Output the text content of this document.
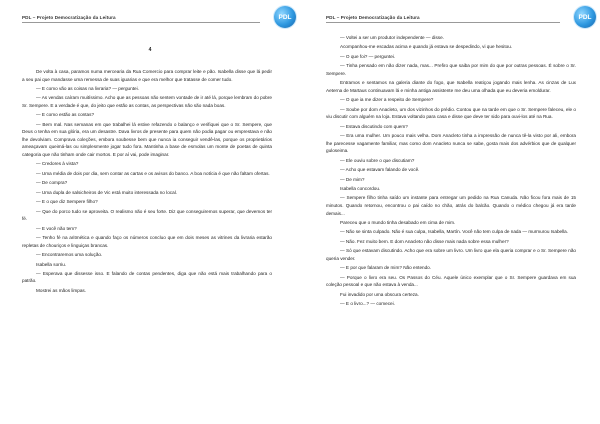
PDL – Projeto Democratização da Leitura	PDL
4

De volta à casa, paramos numa mercearia da Rua Comercio para comprar leite e pão. Isabella disse que lá pedir a seu pai que mandasse uma remessa de suas iguarias e que era melhor que tratasse de comer tudo.

— E como vão as coisas na livraria? — perguntei.

— As vendas caíram muitíssimo. Acho que as pessoas não sentem vontade de ir até lá, porque lembram do pobre Sr. Sempere. E a verdade é que, do jeito que estão as contas, as perspectivas não são nada boas.

— E como estão as contas?

— Bem mal. Nas semanas em que trabalhei lá estive refazendo o balanço e verifiquei que o Sr. Sempere, que Deus o tenha em sua glória, era um desastre. Dava livros de presente para quem não podia pagar ou emprestava e não lhe devolviam. Comprava coleções, embora soubesse bem que nunca ia conseguir vendê-las, porque os proprietários ameaçavam queimá-las ou simplesmente jogar tudo fora. Mantinha a base de esmolas um monte de poetas de quinta categoria que não tinham onde cair mortos. E por aí vai, pode imaginar.

— Credores à vista?

— Uma média de dois por dia, sem contar as cartas e os avisos do banco. A boa notícia é que não faltam ofertas.

— De compra?

— Uma dupla de salsicheiros de Vic está muito interessada no local.

— E o que diz Sempere filho?

— Que do porco tudo se aproveita. O realismo não é seu forte. Diz que conseguiremos superar, que devemos ter fé.

— E você não tem?

— Tenho fé na aritmética e quando faço os números concluo que em dois meses as vitrines da livraria estarão repletas de chouriços e linguiças brancas.

— Encontraremos uma solução.

Isabella sorriu.

— Esperava que dissesse isso. E falando de contas pendentes, diga que não está mais trabalhando para o patrão.

Mostrei as mãos limpas.

PDL – Projeto Democratização da Leitura	PDL

— Voltei a ser um produtor independente — disse.

Acompanhou-me escadas acima e quando já estava se despedindo, vi que hesitou.

— O que foi? — perguntei.

— Tinha pensado em não dizer nada, mas... Prefiro que saiba por mim do que por outras pessoas. É sobre o Sr. Sempere.

Entramos e sentamos na galeria diante do fogo, que Isabella reatiçou jogando mais lenha. As cinzas de Lux Aeterna de Martaus continuavam lá e minha antiga assistente me deu uma olhada que eu deveria emoldurar.

— O que ia me dizer a respeito de Sempere?

— Soube por dom Anacleto, um dos vizinhos do prédio. Contou que na tarde em que o Sr. Sempere faleceu, ele o viu discutir com alguém na loja. Estava voltando para casa e disse que deve ter sido para ouvi-los até na Rua.

— Estava discutindo com quem?

— Era uma mulher. Um pouco mais velha. Dom Anacleto tinha a impressão de nunca tê-la visto por ali, embora lhe parecesse vagamente familiar, mas como dom Anacleto nunca se sabe, gosta mais dos advérbios que de qualquer guloseima.

— Ele ouviu sobre o que discutiam?

— Acho que estavam falando de você.

— De mim?

Isabella concordou.

— Sempere filho tinha saído um instante para entregar um pedido na Rua Canuda. Não ficou fora mais de 15 minutos. Quando retornou, encontrou o pai caído no chão, atrás do balcão. Quando o médico chegou já era tarde demais...

Pareceu que o mundo tinha desabado em cima de mim.

— Não se sinta culpado. Não é sua culpa, Isabella, Martín. Você não tem culpa de nada — murmurou Isabella.

— Não. Fez muito bem. E dom Anacleto não disse mais nada sobre essa mulher?

— Só que estavam discutindo. Acho que era sobre um livro. Um livro que ela queria comprar e o Sr. Sempere não queria vender.

— E por que falaram de mim? Não entendo.

— Porque o livro era seu. Os Passos do Céu. Aquele único exemplar que o Sr. Sempere guardava em sua coleção pessoal e que não estava à venda...

Fui invadido por uma obscura certeza.

— E o livro...? — comecei.
